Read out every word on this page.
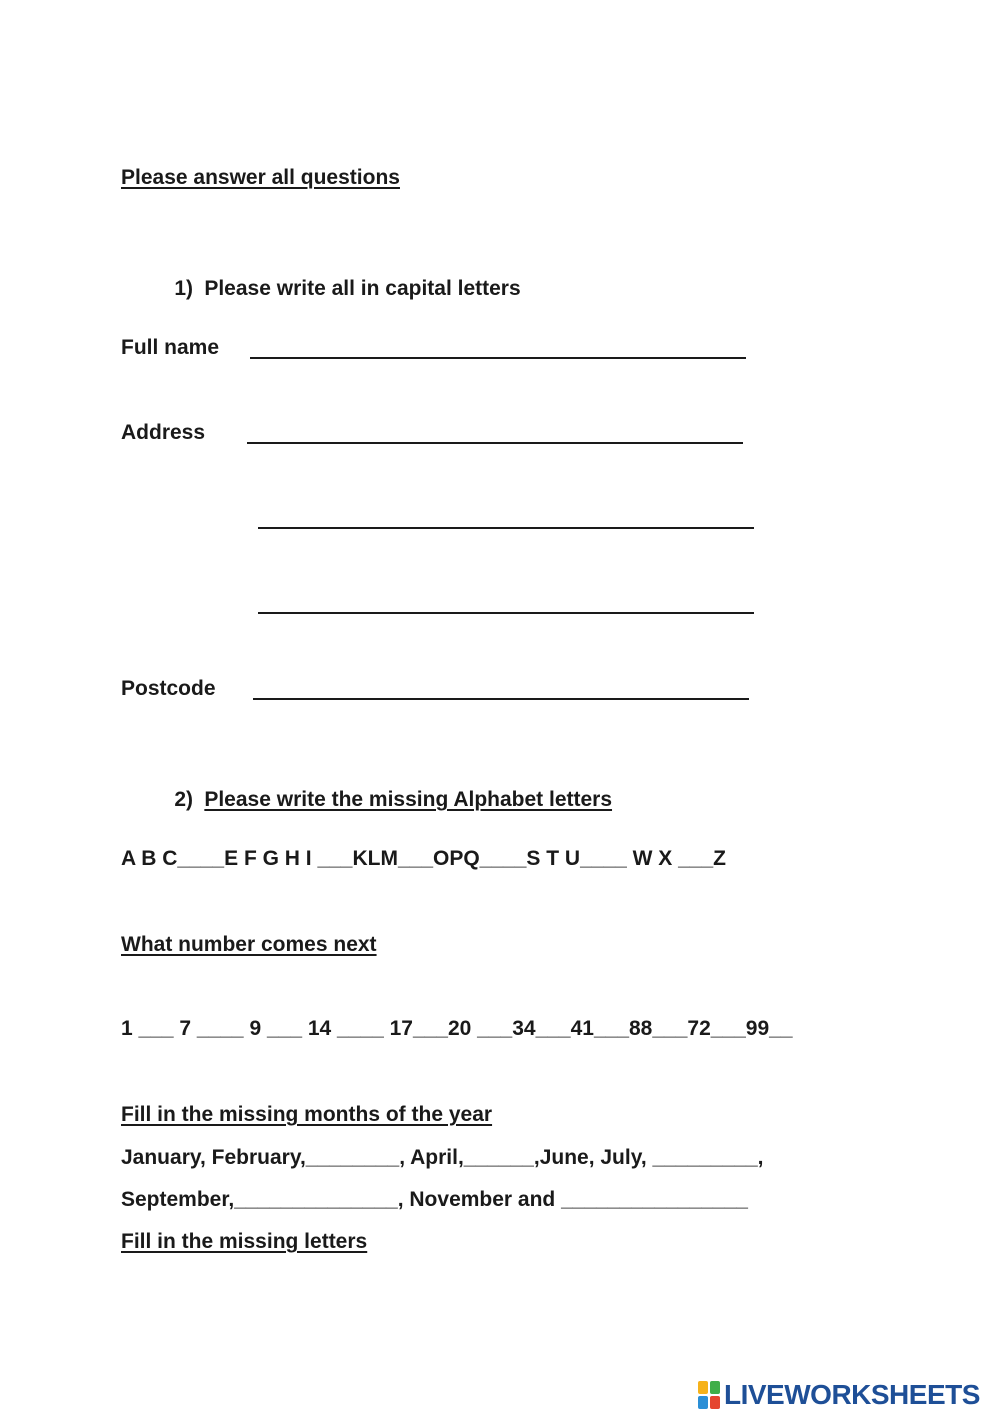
Please answer all questions

1) Please write all in capital letters

Full name

Address

Postcode

2) Please write the missing Alphabet letters

A B C____E F G H I ___KLM___OPQ____S T U____ W X ___Z

What number comes next

1 ___ 7 ____ 9 ___ 14 ____ 17___20 ___34___41___88___72___99__

Fill in the missing months of the year

January, February,________, April,______,June, July, _________,

September,______________, November and ________________

Fill in the missing letters

LIVEWORKSHEETS
